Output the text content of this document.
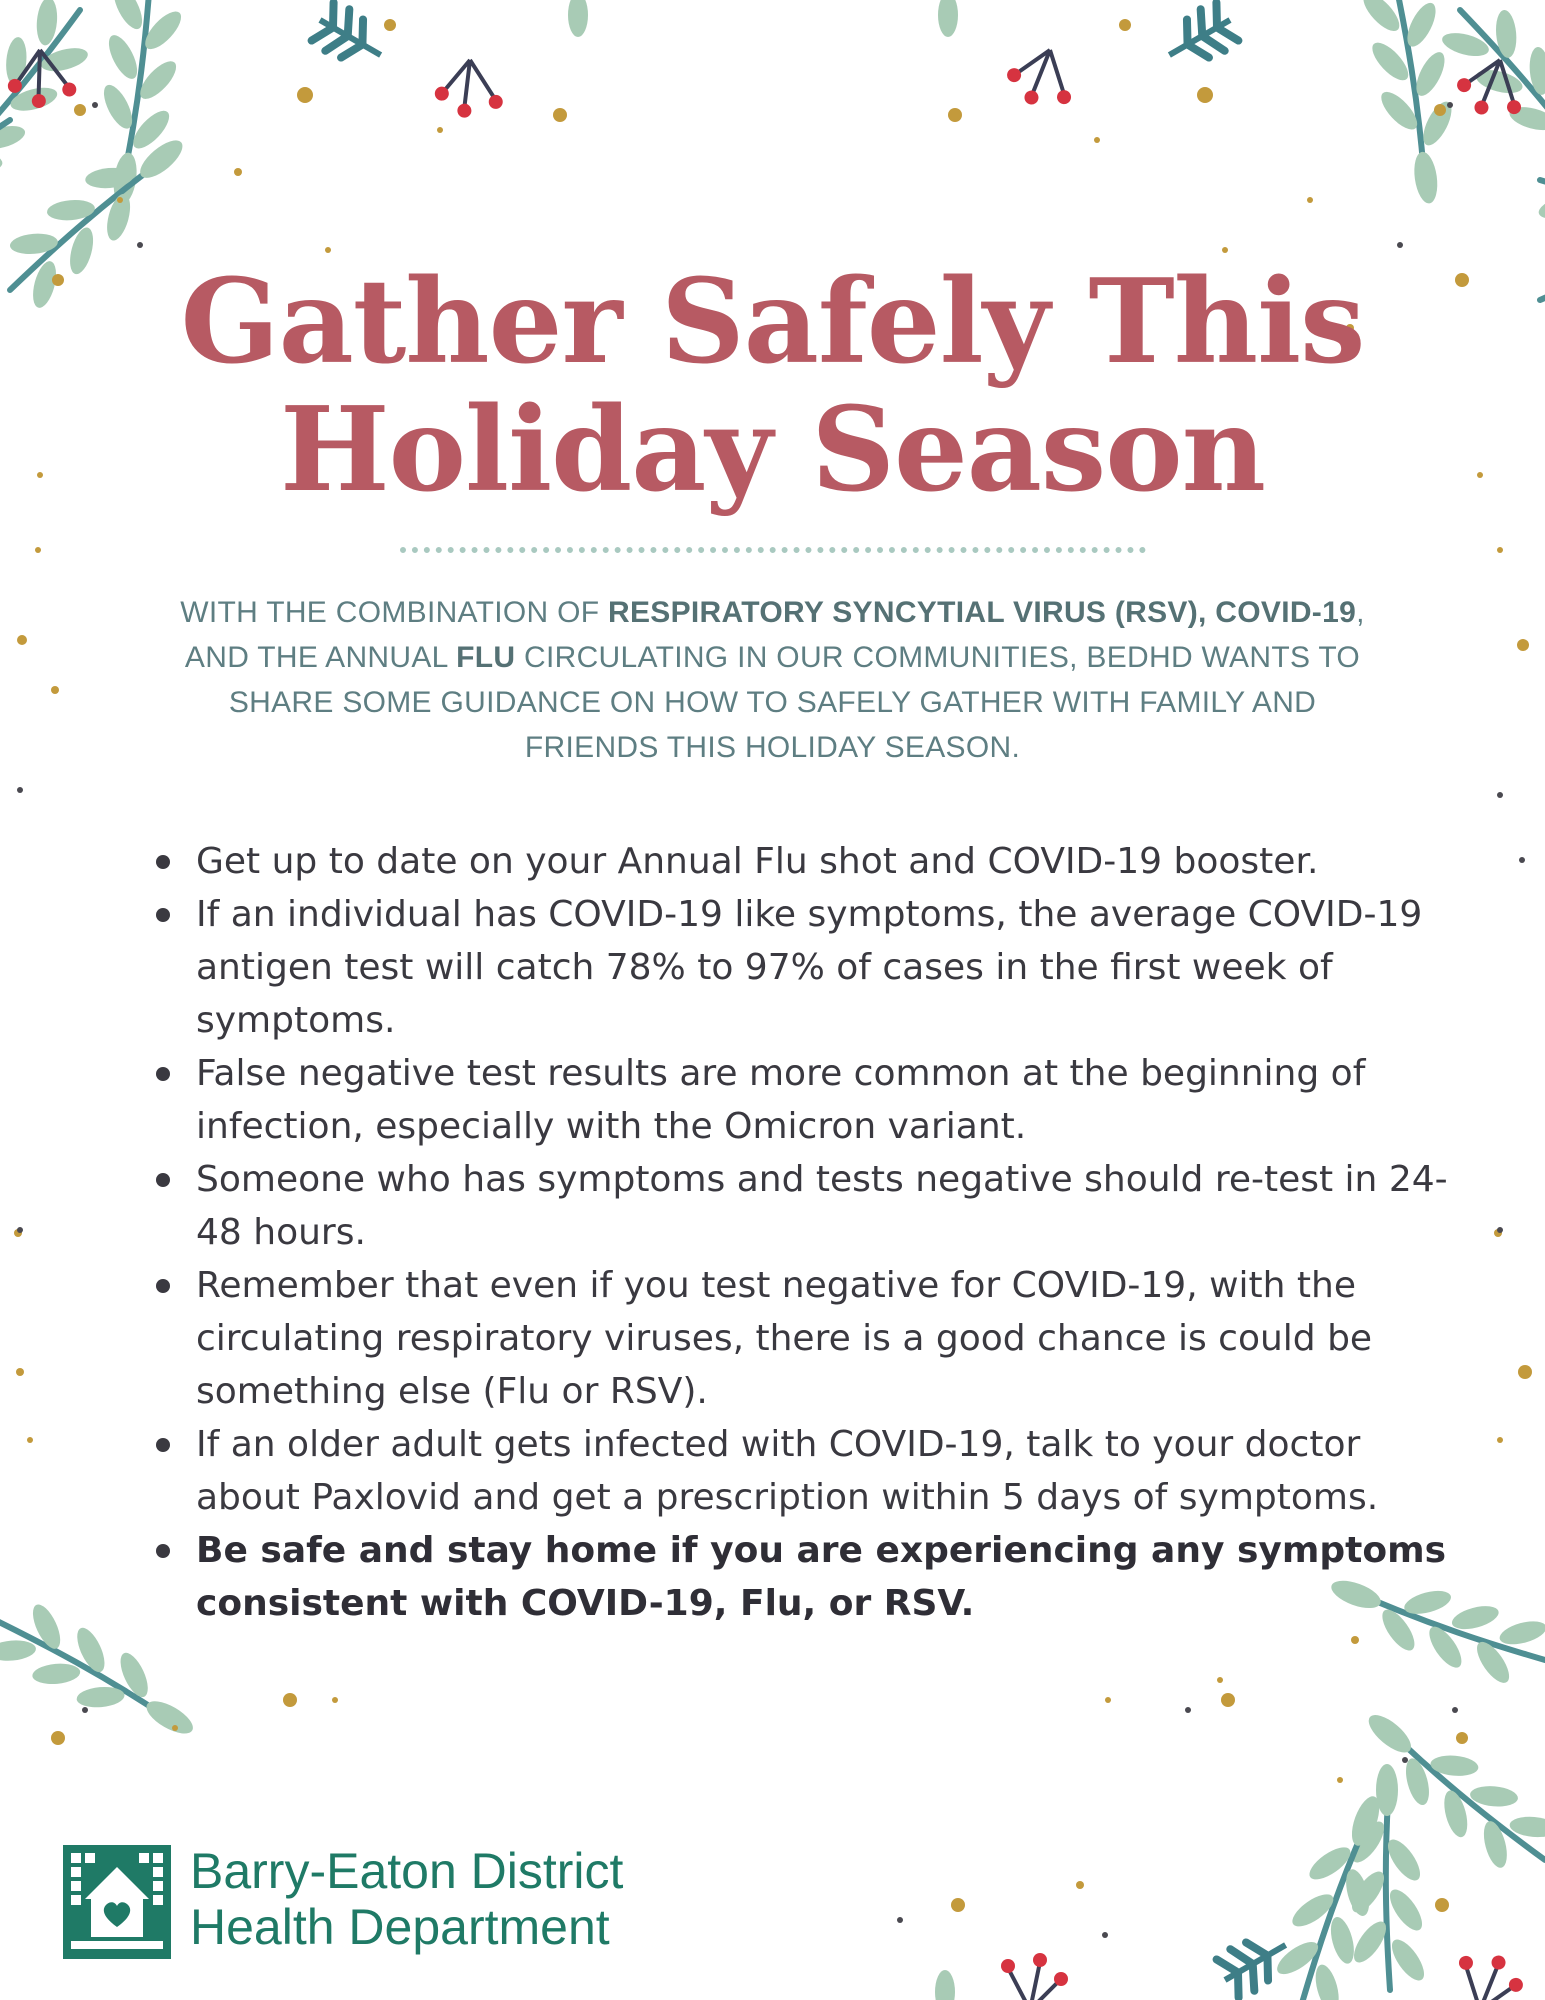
Gather Safely This
Holiday Season
WITH THE COMBINATION OF RESPIRATORY SYNCYTIAL VIRUS (RSV), COVID-19, AND THE ANNUAL FLU CIRCULATING IN OUR COMMUNITIES, BEDHD WANTS TO SHARE SOME GUIDANCE ON HOW TO SAFELY GATHER WITH FAMILY AND FRIENDS THIS HOLIDAY SEASON.
Get up to date on your Annual Flu shot and COVID-19 booster.
If an individual has COVID-19 like symptoms, the average COVID-19 antigen test will catch 78% to 97% of cases in the first week of symptoms.
False negative test results are more common at the beginning of infection, especially with the Omicron variant.
Someone who has symptoms and tests negative should re-test in 24-48 hours.
Remember that even if you test negative for COVID-19, with the circulating respiratory viruses, there is a good chance is could be something else (Flu or RSV).
If an older adult gets infected with COVID-19, talk to your doctor about Paxlovid and get a prescription within 5 days of symptoms.
Be safe and stay home if you are experiencing any symptoms consistent with COVID-19, Flu, or RSV.
Barry-Eaton District
Health Department
